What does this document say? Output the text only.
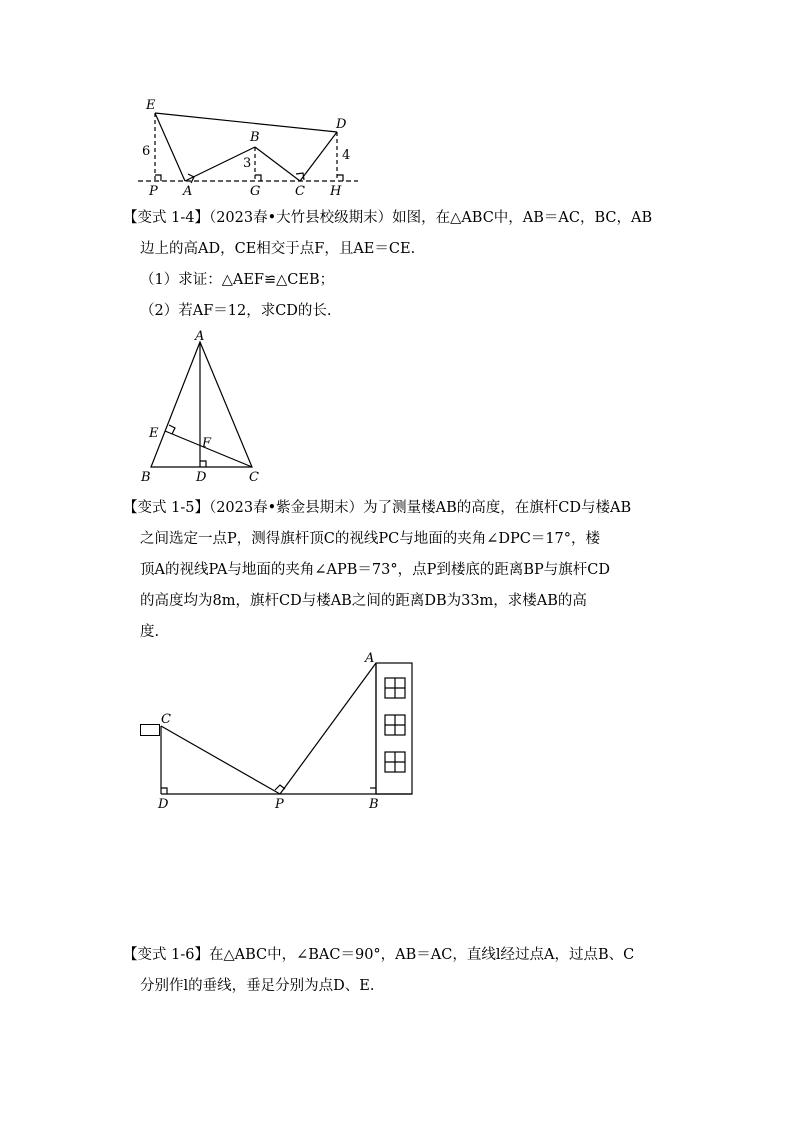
E
D
B
P A	G	C H
6
3
4
【变式 1-4】（2023春•大竹县校级期末）如图，在△ABC中，AB＝AC，BC，AB
边上的高AD，CE相交于点F，且AE＝CE.
（1）求证：△AEF≌△CEB；
（2）若AF＝12，求CD的长.
A
E
F
B	D	C
【变式 1-5】（2023春•紫金县期末）为了测量楼AB的高度，在旗杆CD与楼AB
之间选定一点P，测得旗杆顶C的视线PC与地面的夹角∠DPC＝17°，楼
顶A的视线PA与地面的夹角∠APB＝73°，点P到楼底的距离BP与旗杆CD
的高度均为8m，旗杆CD与楼AB之间的距离DB为33m，求楼AB的高
度.
A
C
D	P	B
【变式 1-6】在△ABC中，∠BAC＝90°，AB＝AC，直线l经过点A，过点B、C
分别作l的垂线，垂足分别为点D、E.
